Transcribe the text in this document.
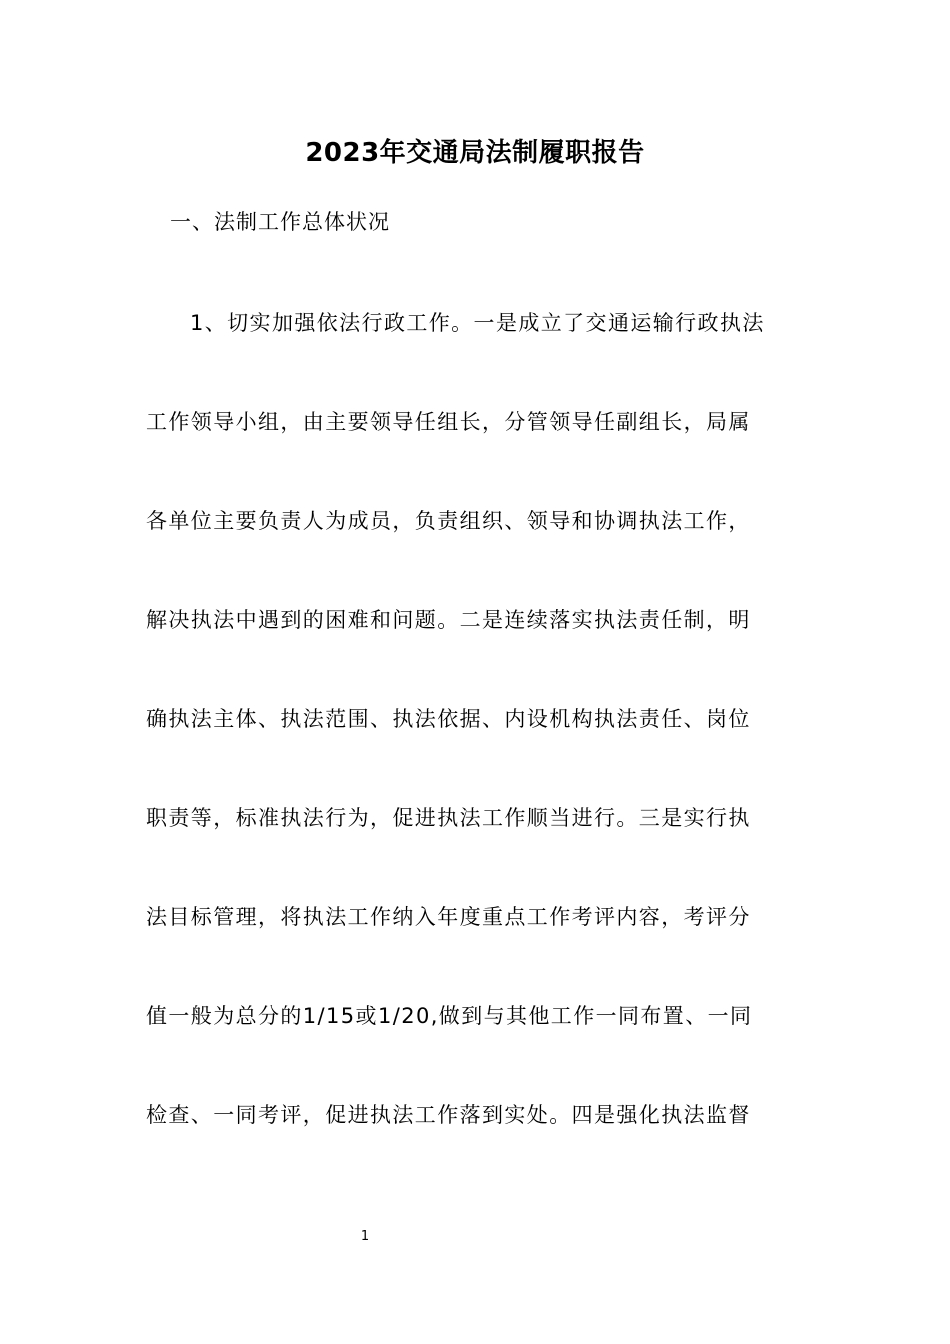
2023年交通局法制履职报告

一、法制工作总体状况

1、切实加强依法行政工作。一是成立了交通运输行政执法

工作领导小组，由主要领导任组长，分管领导任副组长，局属

各单位主要负责人为成员，负责组织、领导和协调执法工作，

解决执法中遇到的困难和问题。二是连续落实执法责任制，明

确执法主体、执法范围、执法依据、内设机构执法责任、岗位

职责等，标准执法行为，促进执法工作顺当进行。三是实行执

法目标管理，将执法工作纳入年度重点工作考评内容，考评分

值一般为总分的1/15或1/20,做到与其他工作一同布置、一同

检查、一同考评，促进执法工作落到实处。四是强化执法监督

1
